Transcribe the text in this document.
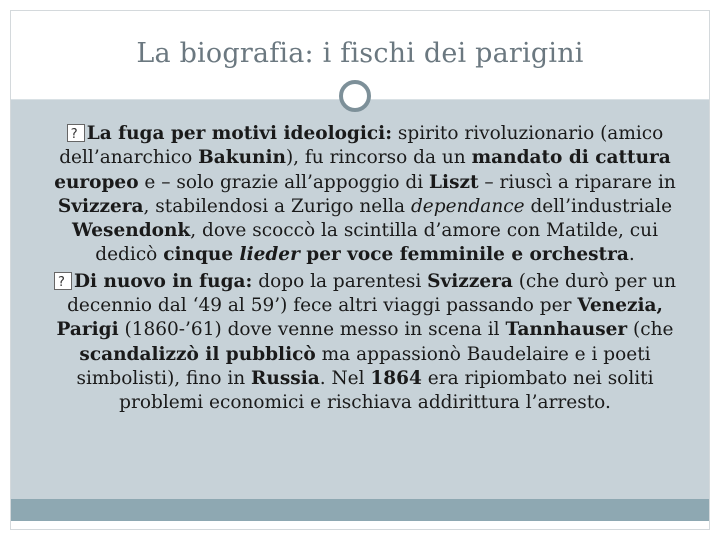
La biografia: i fischi dei parigini

?La fuga per motivi ideologici: spirito rivoluzionario (amico dell’anarchico Bakunin), fu rincorso da un mandato di cattura europeo e – solo grazie all’appoggio di Liszt – riuscì a riparare in Svizzera, stabilendosi a Zurigo nella dependance dell’industriale Wesendonk, dove scoccò la scintilla d’amore con Matilde, cui dedicò cinque lieder per voce femminile e orchestra.

?Di nuovo in fuga: dopo la parentesi Svizzera (che durò per un decennio dal ‘49 al 59’) fece altri viaggi passando per Venezia, Parigi (1860-’61) dove venne messo in scena il Tannhauser (che scandalizzò il pubblicò ma appassionò Baudelaire e i poeti simbolisti), fino in Russia. Nel 1864 era ripiombato nei soliti problemi economici e rischiava addirittura l’arresto.
